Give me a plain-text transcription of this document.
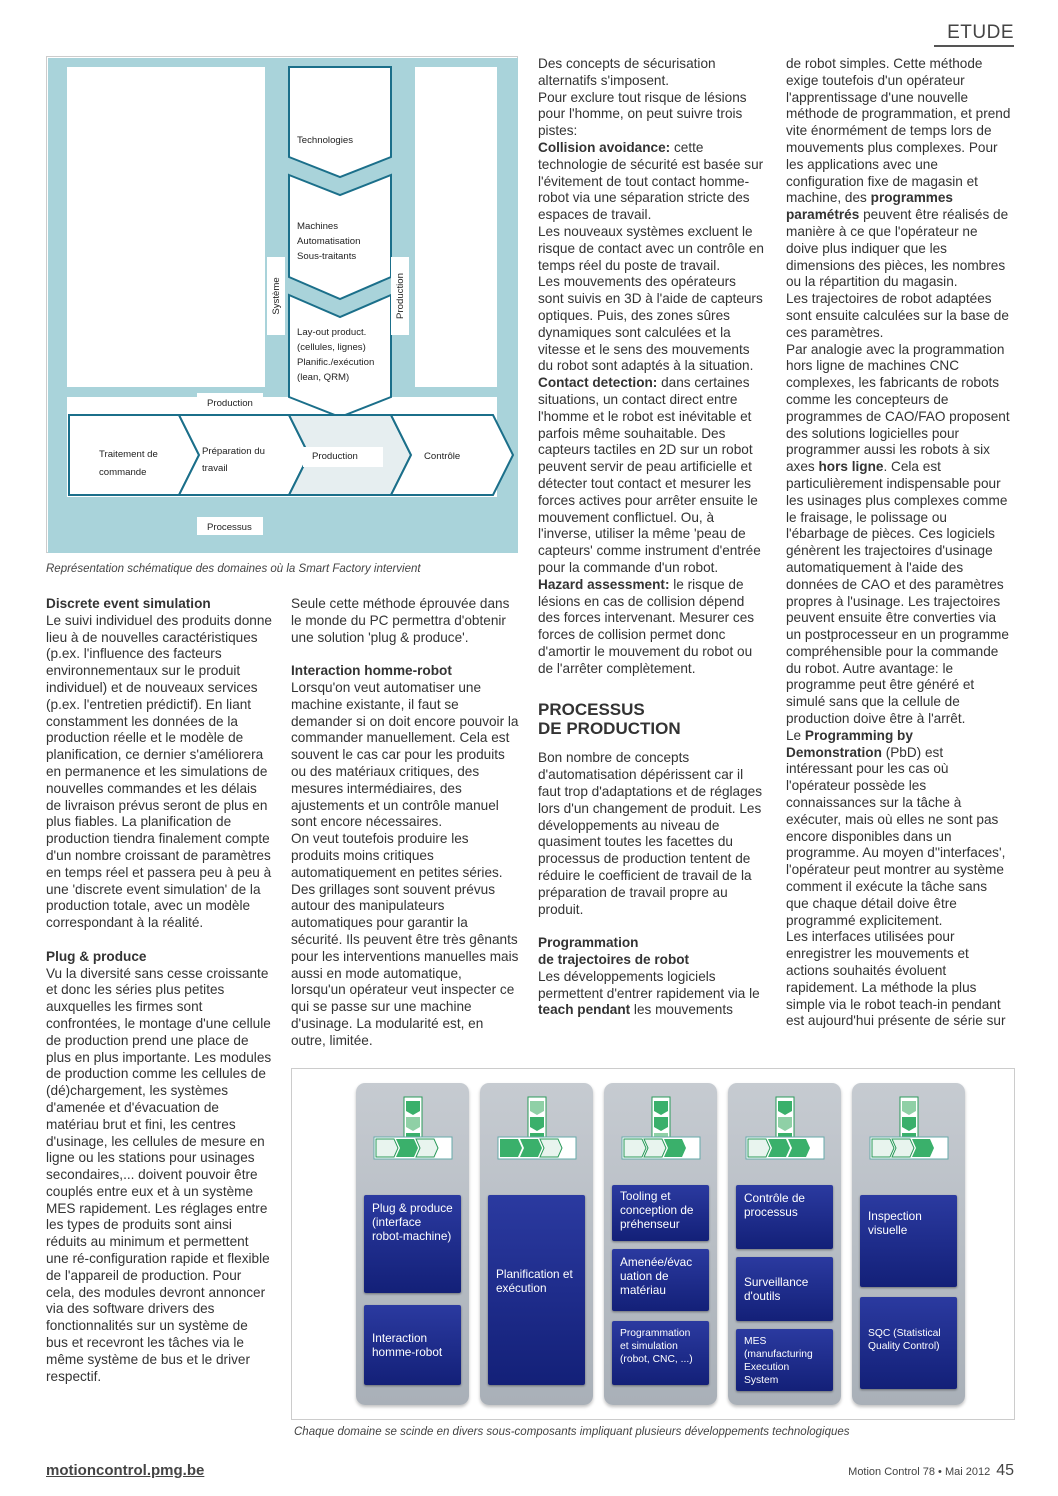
ETUDE
Système	Production
Technologies
Machines
Automatisation
Sous-traitants
Lay-out product.
(cellules, lignes)
Planific./exécution
(lean, QRM)
Production
Traitement de
commande
Préparation du
travail
Production	Contrôle
Processus
Représentation schématique des domaines où la Smart Factory intervient
Discrete event simulation

Le suivi individuel des produits donne lieu à de nouvelles caractéristiques (p.ex. l'influence des facteurs environnementaux sur le produit individuel) et de nouveaux services (p.ex. l'entretien prédictif). En liant constamment les données de la production réelle et le modèle de planification, ce dernier s'améliorera en permanence et les simulations de nouvelles commandes et les délais de livraison prévus seront de plus en plus fiables. La planification de production tiendra finalement compte d'un nombre croissant de paramètres en temps réel et passera peu à peu à une 'discrete event simulation' de la production totale, avec un modèle correspondant à la réalité.

Plug & produce

Vu la diversité sans cesse croissante et donc les séries plus petites auxquelles les firmes sont confrontées, le montage d'une cellule de production prend une place de plus en plus importante. Les modules de production comme les cellules de (dé)chargement, les systèmes d'amenée et d'évacuation de matériau brut et fini, les centres d'usinage, les cellules de mesure en ligne ou les stations pour usinages secondaires,... doivent pouvoir être couplés entre eux et à un système MES rapidement. Les réglages entre les types de produits sont ainsi réduits au minimum et permettent une ré-configuration rapide et flexible de l'appareil de production. Pour cela, des modules devront annoncer via des software drivers des fonctionnalités sur un système de bus et recevront les tâches via le même système de bus et le driver respectif.

Seule cette méthode éprouvée dans le monde du PC permettra d'obtenir une solution 'plug & produce'.

Interaction homme-robot

Lorsqu'on veut automatiser une machine existante, il faut se demander si on doit encore pouvoir la commander manuellement. Cela est souvent le cas car pour les produits ou des matériaux critiques, des mesures intermédiaires, des ajustements et un contrôle manuel sont encore nécessaires.

On veut toutefois produire les produits moins critiques automatiquement en petites séries.

Des grillages sont souvent prévus autour des manipulateurs automatiques pour garantir la sécurité. Ils peuvent être très gênants pour les interventions manuelles mais aussi en mode automatique, lorsqu'un opérateur veut inspecter ce qui se passe sur une machine d'usinage. La modularité est, en outre, limitée.

Des concepts de sécurisation alternatifs s'imposent.

Pour exclure tout risque de lésions pour l'homme, on peut suivre trois pistes:

Collision avoidance: cette technologie de sécurité est basée sur l'évitement de tout contact homme-robot via une séparation stricte des espaces de travail.

Les nouveaux systèmes excluent le risque de contact avec un contrôle en temps réel du poste de travail.

Les mouvements des opérateurs sont suivis en 3D à l'aide de capteurs optiques. Puis, des zones sûres dynamiques sont calculées et la vitesse et le sens des mouvements du robot sont adaptés à la situation.

Contact detection: dans certaines situations, un contact direct entre l'homme et le robot est inévitable et parfois même souhaitable. Des capteurs tactiles en 2D sur un robot peuvent servir de peau artificielle et détecter tout contact et mesurer les forces actives pour arrêter ensuite le mouvement conflictuel. Ou, à l'inverse, utiliser la même 'peau de capteurs' comme instrument d'entrée pour la commande d'un robot.

Hazard assessment: le risque de lésions en cas de collision dépend des forces intervenant. Mesurer ces forces de collision permet donc d'amortir le mouvement du robot ou de l'arrêter complètement.

PROCESSUS
DE PRODUCTION

Bon nombre de concepts d'automatisation dépérissent car il faut trop d'adaptations et de réglages lors d'un changement de produit. Les développements au niveau de quasiment toutes les facettes du processus de production tentent de réduire le coefficient de travail de la préparation de travail propre au produit.

Programmation
de trajectoires de robot

Les développements logiciels permettent d'entrer rapidement via le teach pendant les mouvements

de robot simples. Cette méthode exige toutefois d'un opérateur l'apprentissage d'une nouvelle méthode de programmation, et prend vite énormément de temps lors de mouvements plus complexes. Pour les applications avec une configuration fixe de magasin et machine, des programmes paramétrés peuvent être réalisés de manière à ce que l'opérateur ne doive plus indiquer que les dimensions des pièces, les nombres ou la répartition du magasin.

Les trajectoires de robot adaptées sont ensuite calculées sur la base de ces paramètres.

Par analogie avec la programmation hors ligne de machines CNC complexes, les fabricants de robots comme les concepteurs de programmes de CAO/FAO proposent des solutions logicielles pour programmer aussi les robots à six axes hors ligne. Cela est particulièrement indispensable pour les usinages plus complexes comme le fraisage, le polissage ou l'ébarbage de pièces. Ces logiciels génèrent les trajectoires d'usinage automatiquement à l'aide des données de CAO et des paramètres propres à l'usinage. Les trajectoires peuvent ensuite être converties via un postprocesseur en un programme compréhensible pour la commande du robot. Autre avantage: le programme peut être généré et simulé sans que la cellule de production doive être à l'arrêt.

Le Programming by Demonstration (PbD) est intéressant pour les cas où l'opérateur possède les connaissances sur la tâche à exécuter, mais où elles ne sont pas encore disponibles dans un programme. Au moyen d''interfaces', l'opérateur peut montrer au système comment il exécute la tâche sans que chaque détail doive être programmé explicitement.

Les interfaces utilisées pour enregistrer les mouvements et actions souhaités évoluent rapidement. La méthode la plus simple via le robot teach-in pendant est aujourd'hui présente de série sur

Plug & produce (interface robot-machine)
Interaction homme-robot
Planification et exécution
Tooling et conception de préhenseur
Amenée/évac uation de matériau
Programmation et simulation (robot, CNC, ...)
Contrôle de processus
Surveillance d'outils
MES (manufacturing Execution System
Inspection visuelle
SQC (Statistical Quality Control)
Chaque domaine se scinde en divers sous-composants impliquant plusieurs développements technologiques
motioncontrol.pmg.be	Motion Control 78 • Mai 2012 45
